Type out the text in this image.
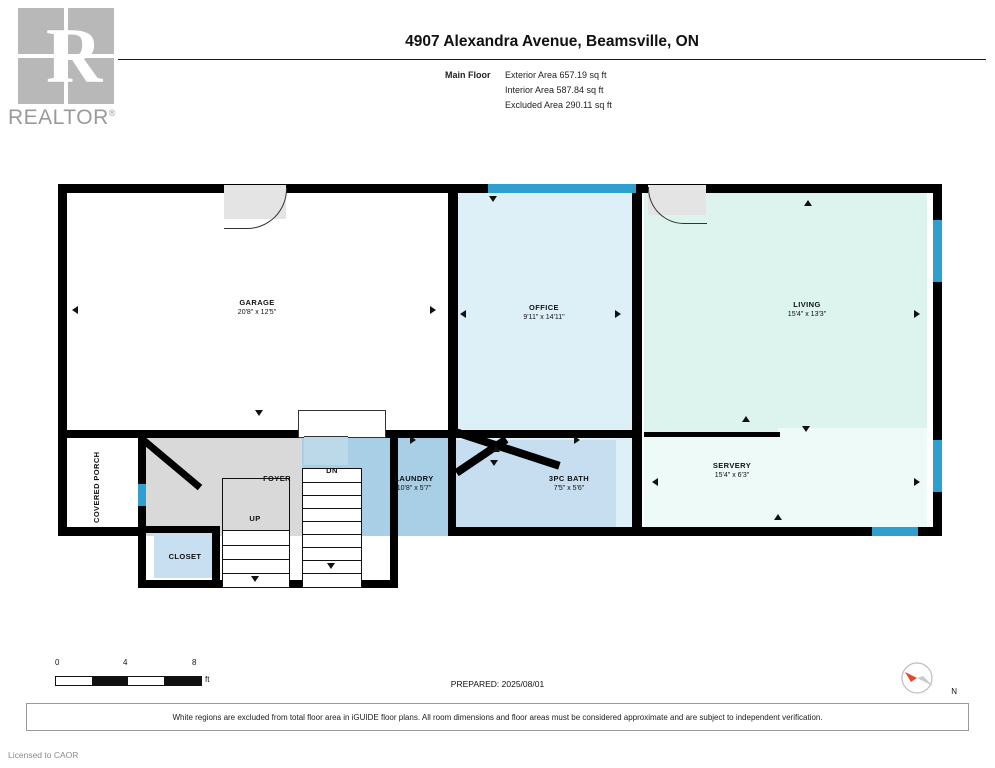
R
REALTOR®
4907 Alexandra Avenue, Beamsville, ON
Main Floor Exterior Area 657.19 sq ft
Interior Area 587.84 sq ft
Excluded Area 290.11 sq ft
GARAGE
20'8" x 12'5"
OFFICE
9'11" x 14'11"
LIVING
15'4" x 13'3"
SERVERY
15'4" x 6'3"
LAUNDRY
10'8" x 5'7"
3PC BATH
7'5" x 5'6"
FOYER
CLOSET
COVERED PORCH	DN
UP
0	4	8
ft	PREPARED: 2025/08/01
N
White regions are excluded from total floor area in iGUIDE floor plans. All room dimensions and floor areas must be considered approximate and are subject to independent verification.
Licensed to CAOR
